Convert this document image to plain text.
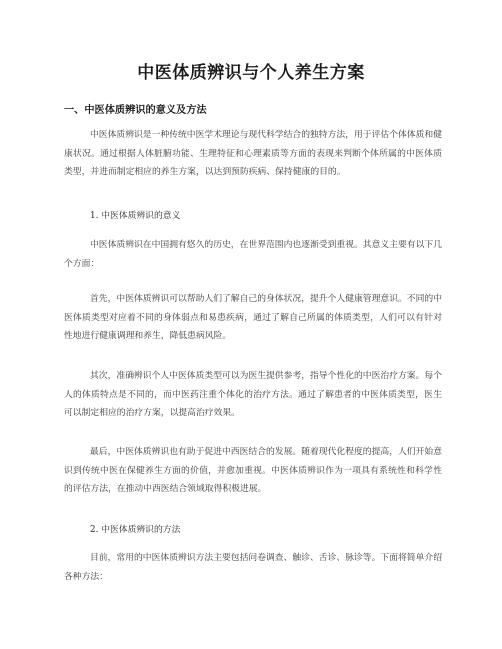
中医体质辨识与个人养生方案
一、中医体质辨识的意义及方法

中医体质辨识是一种传统中医学术理论与现代科学结合的独特方法，用于评估个体体质和健康状况。通过根据人体脏腑功能、生理特征和心理素质等方面的表现来判断个体所属的中医体质类型，并进而制定相应的养生方案，以达到预防疾病、保持健康的目的。

1. 中医体质辨识的意义

中医体质辨识在中国拥有悠久的历史，在世界范围内也逐渐受到重视。其意义主要有以下几个方面：

首先，中医体质辨识可以帮助人们了解自己的身体状况，提升个人健康管理意识。不同的中医体质类型对应着不同的身体弱点和易患疾病，通过了解自己所属的体质类型，人们可以有针对性地进行健康调理和养生，降低患病风险。

其次，准确辨识个人中医体质类型可以为医生提供参考，指导个性化的中医治疗方案。每个人的体质特点是不同的，而中医药注重个体化的治疗方法。通过了解患者的中医体质类型，医生可以制定相应的治疗方案，以提高治疗效果。

最后，中医体质辨识也有助于促进中西医结合的发展。随着现代化程度的提高，人们开始意识到传统中医在保健养生方面的价值，并愈加重视。中医体质辨识作为一项具有系统性和科学性的评估方法，在推动中西医结合领域取得积极进展。

2. 中医体质辨识的方法

目前，常用的中医体质辨识方法主要包括问卷调查、触诊、舌诊、脉诊等。下面将简单介绍各种方法：
